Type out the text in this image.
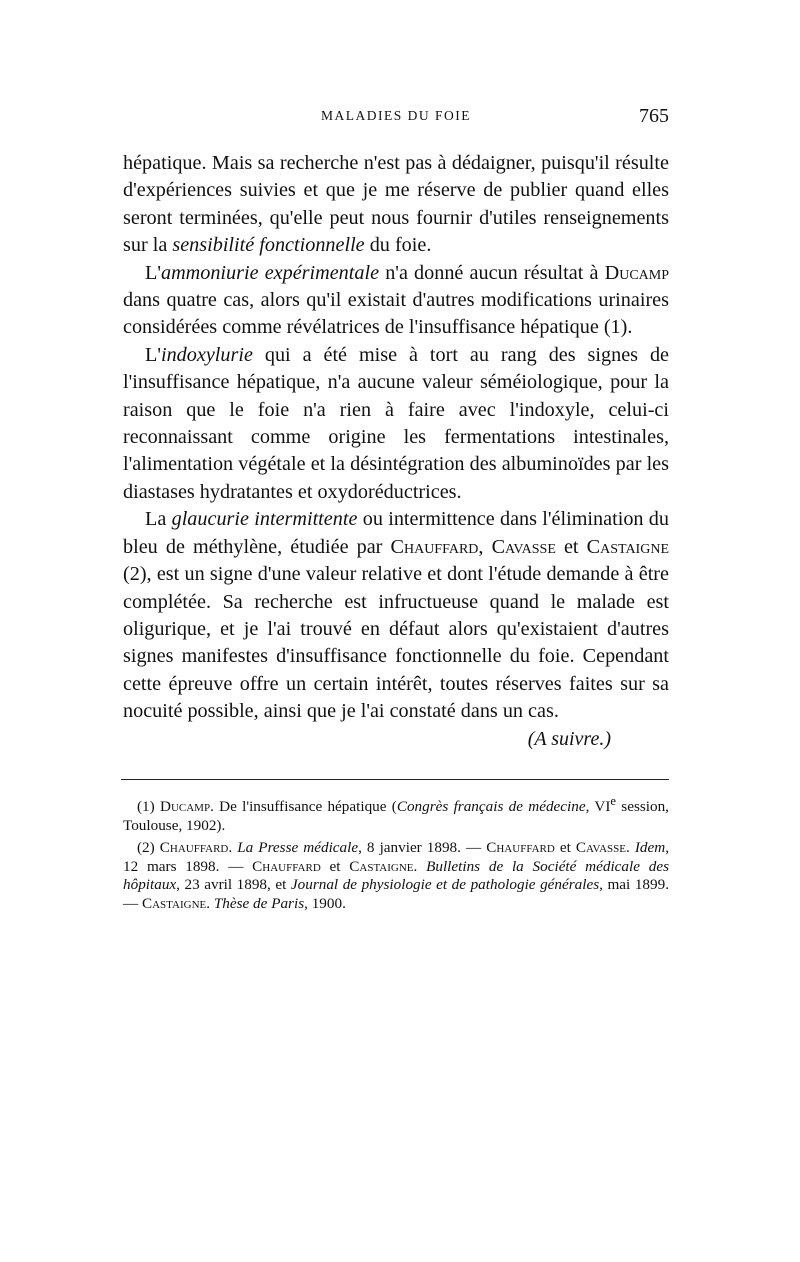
MALADIES DU FOIE	765

hépatique. Mais sa recherche n'est pas à dédaigner, puisqu'il résulte d'expériences suivies et que je me réserve de publier quand elles seront terminées, qu'elle peut nous fournir d'utiles renseignements sur la sensibilité fonctionnelle du foie.

L'ammoniurie expérimentale n'a donné aucun résultat à Ducamp dans quatre cas, alors qu'il existait d'autres modifications urinaires considérées comme révélatrices de l'insuffisance hépatique (1).

L'indoxylurie qui a été mise à tort au rang des signes de l'insuffisance hépatique, n'a aucune valeur séméiologique, pour la raison que le foie n'a rien à faire avec l'indoxyle, celui-ci reconnaissant comme origine les fermentations intestinales, l'alimentation végétale et la désintégration des albuminoïdes par les diastases hydratantes et oxydoréductrices.

La glaucurie intermittente ou intermittence dans l'élimination du bleu de méthylène, étudiée par Chauffard, Cavasse et Castaigne (2), est un signe d'une valeur relative et dont l'étude demande à être complétée. Sa recherche est infructueuse quand le malade est oligurique, et je l'ai trouvé en défaut alors qu'existaient d'autres signes manifestes d'insuffisance fonctionnelle du foie. Cependant cette épreuve offre un certain intérêt, toutes réserves faites sur sa nocuité possible, ainsi que je l'ai constaté dans un cas.

(A suivre.)

(1) Ducamp. De l'insuffisance hépatique (Congrès français de médecine, VIe session, Toulouse, 1902).

(2) Chauffard. La Presse médicale, 8 janvier 1898. — Chauffard et Cavasse. Idem, 12 mars 1898. — Chauffard et Castaigne. Bulletins de la Société médicale des hôpitaux, 23 avril 1898, et Journal de physiologie et de pathologie générales, mai 1899. — Castaigne. Thèse de Paris, 1900.
